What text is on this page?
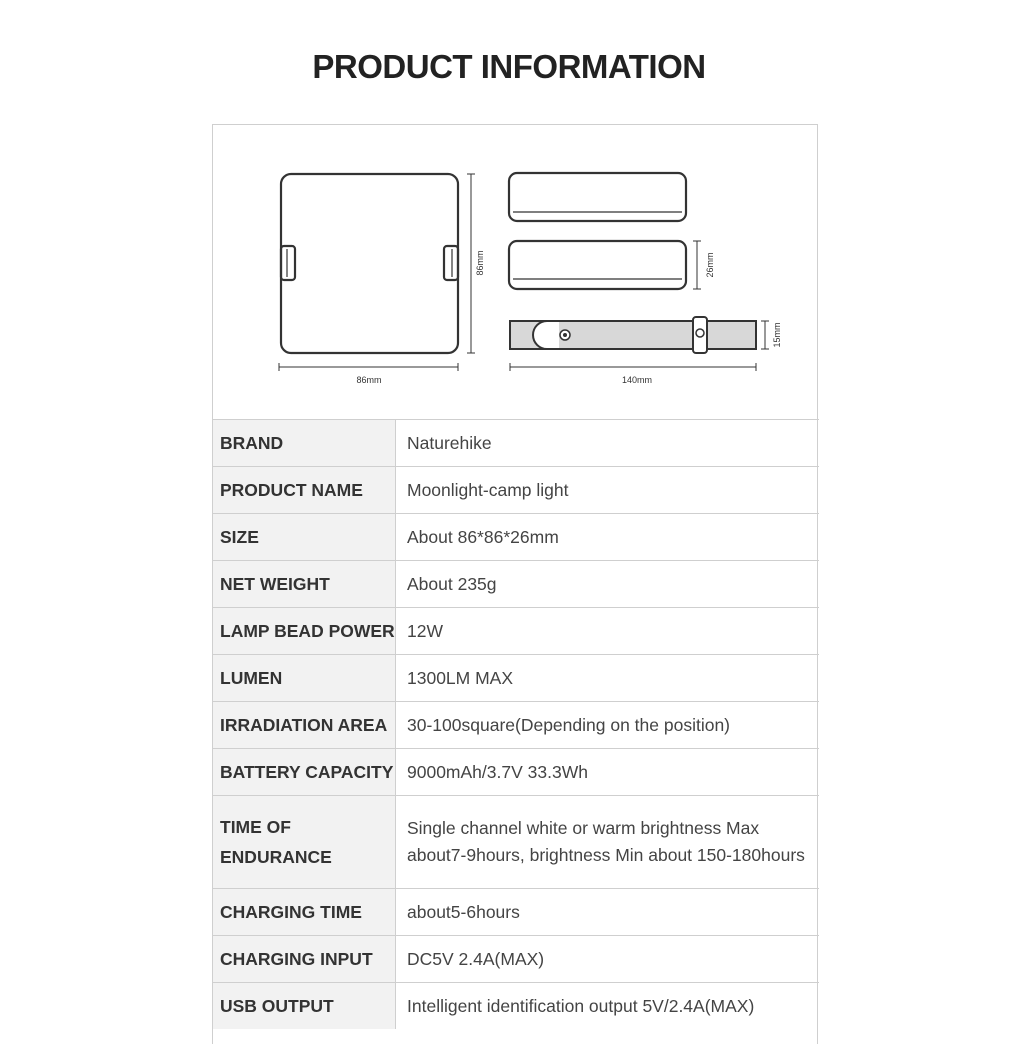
PRODUCT INFORMATION
86mm
86mm
26mm
15mm
140mm
BRAND	Naturehike
PRODUCT NAME	Moonlight-camp light
SIZE	About 86*86*26mm
NET WEIGHT	About 235g
LAMP BEAD POWER 12W
LUMEN	1300LM MAX
IRRADIATION AREA	30-100square(Depending on the position)
BATTERY CAPACITY 9000mAh/3.7V 33.3Wh
TIME OF ENDURANCE
Single channel white or warm brightness Max about7-9hours, brightness Min about 150-180hours
CHARGING TIME	about5-6hours
CHARGING INPUT	DC5V 2.4A(MAX)
USB OUTPUT	Intelligent identification output 5V/2.4A(MAX)
